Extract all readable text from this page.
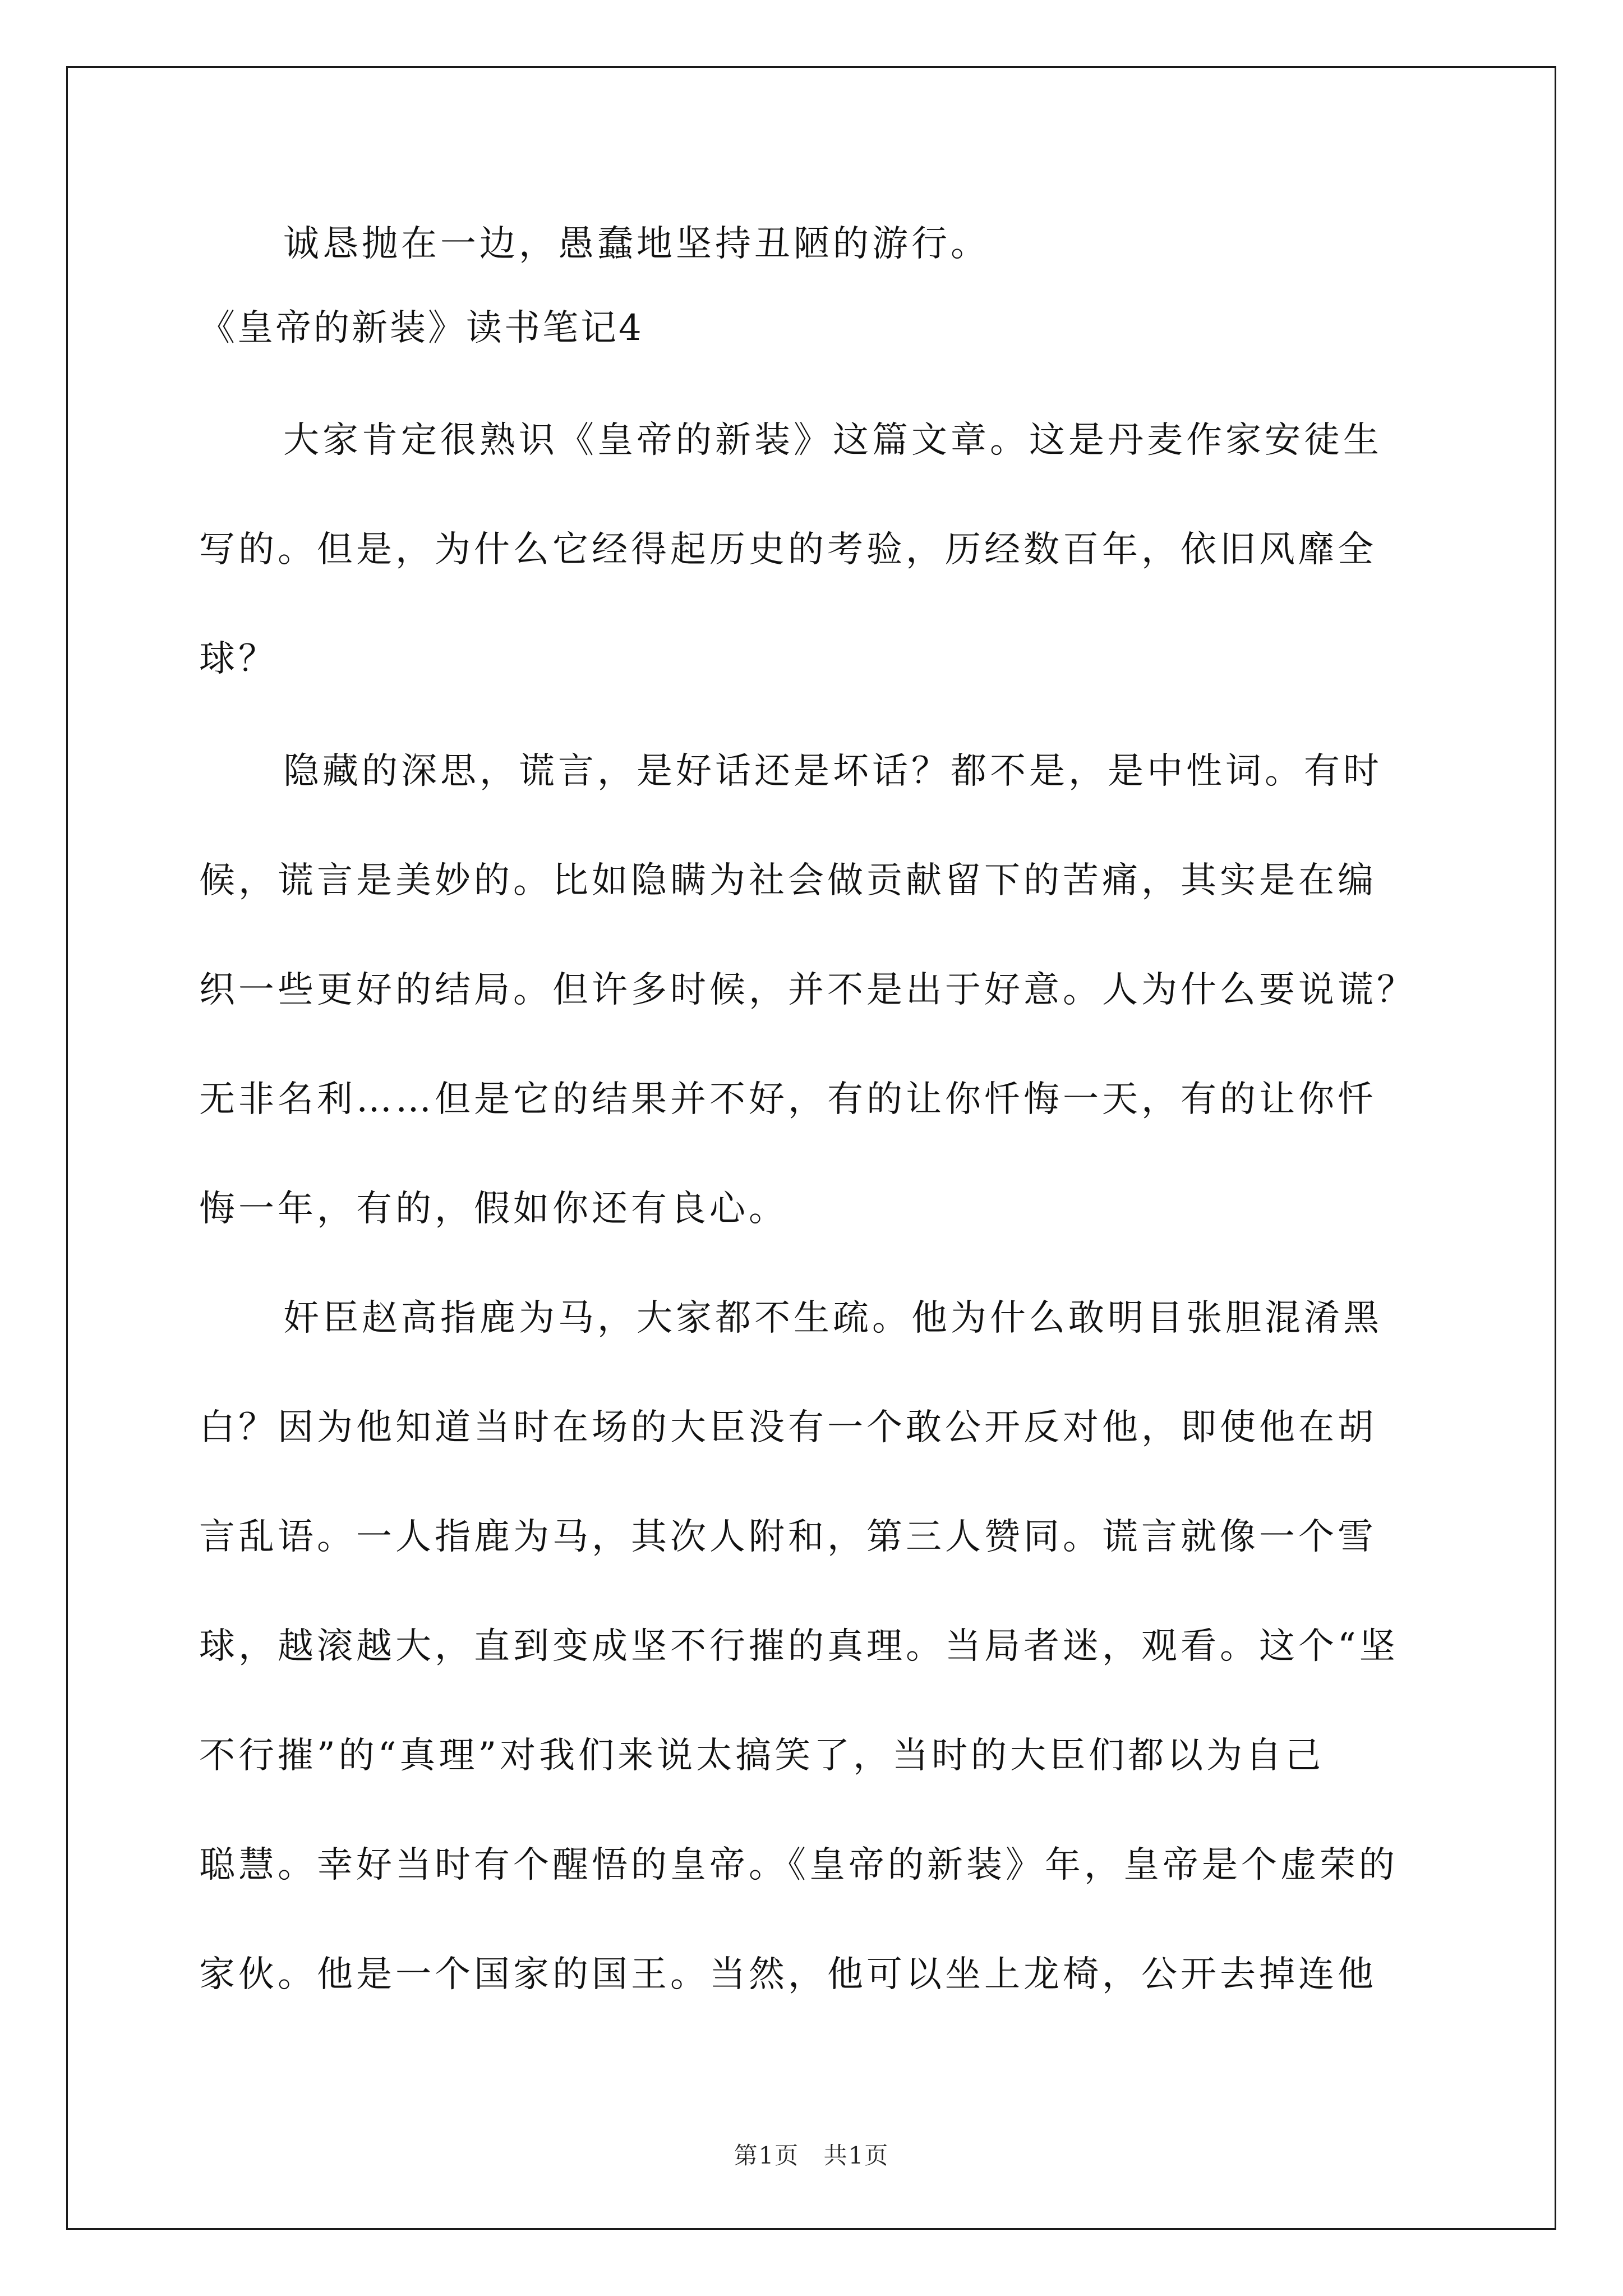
诚恳抛在一边，愚蠢地坚持丑陋的游行。
《皇帝的新装》读书笔记4
大家肯定很熟识《皇帝的新装》这篇文章。这是丹麦作家安徒生
写的。但是，为什么它经得起历史的考验，历经数百年，依旧风靡全
球？
隐藏的深思，谎言，是好话还是坏话？都不是，是中性词。有时
候，谎言是美妙的。比如隐瞒为社会做贡献留下的苦痛，其实是在编
织一些更好的结局。但许多时候，并不是出于好意。人为什么要说谎？
无非名利……但是它的结果并不好，有的让你忏悔一天，有的让你忏
悔一年，有的，假如你还有良心。
奸臣赵高指鹿为马，大家都不生疏。他为什么敢明目张胆混淆黑
白？因为他知道当时在场的大臣没有一个敢公开反对他，即使他在胡
言乱语。一人指鹿为马，其次人附和，第三人赞同。谎言就像一个雪
球，越滚越大，直到变成坚不行摧的真理。当局者迷，观看。这个“坚
不行摧”的“真理”对我们来说太搞笑了，当时的大臣们都以为自己
聪慧。幸好当时有个醒悟的皇帝。《皇帝的新装》年，皇帝是个虚荣的
家伙。他是一个国家的国王。当然，他可以坐上龙椅，公开去掉连他
第1页 共1页
